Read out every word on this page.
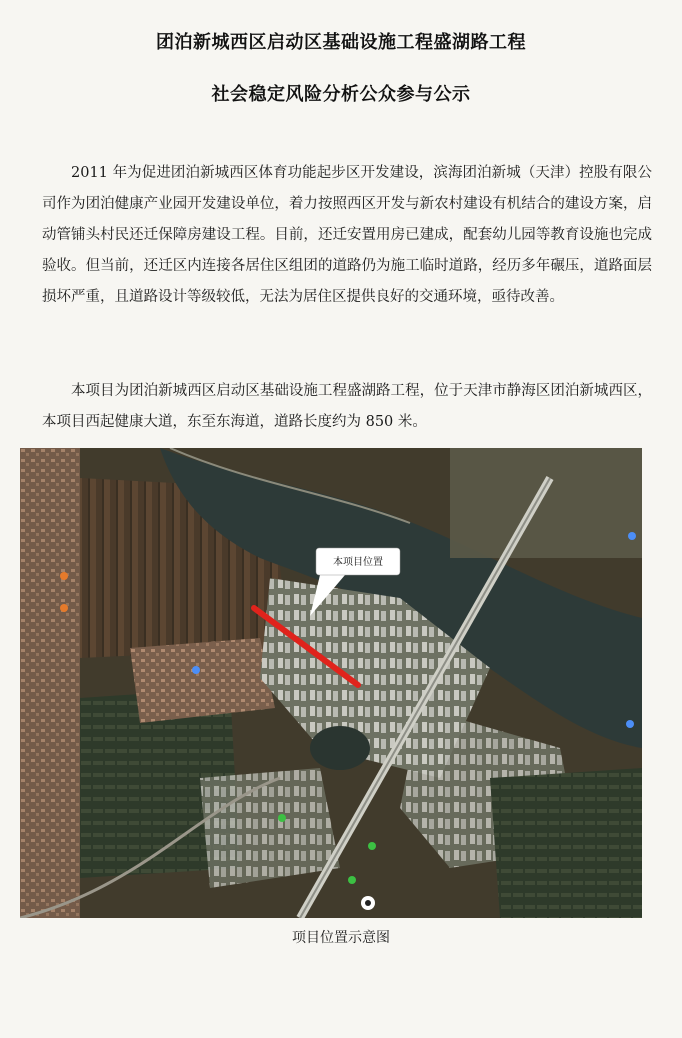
团泊新城西区启动区基础设施工程盛湖路工程
社会稳定风险分析公众参与公示
2011 年为促进团泊新城西区体育功能起步区开发建设，滨海团泊新城（天津）控股有限公司作为团泊健康产业园开发建设单位，着力按照西区开发与新农村建设有机结合的建设方案，启动管铺头村民还迁保障房建设工程。目前，还迁安置用房已建成，配套幼儿园等教育设施也完成验收。但当前，还迁区内连接各居住区组团的道路仍为施工临时道路，经历多年碾压，道路面层损坏严重，且道路设计等级较低，无法为居住区提供良好的交通环境，亟待改善。
本项目为团泊新城西区启动区基础设施工程盛湖路工程，位于天津市静海区团泊新城西区，本项目西起健康大道，东至东海道，道路长度约为 850 米。
本项目位置
项目位置示意图
